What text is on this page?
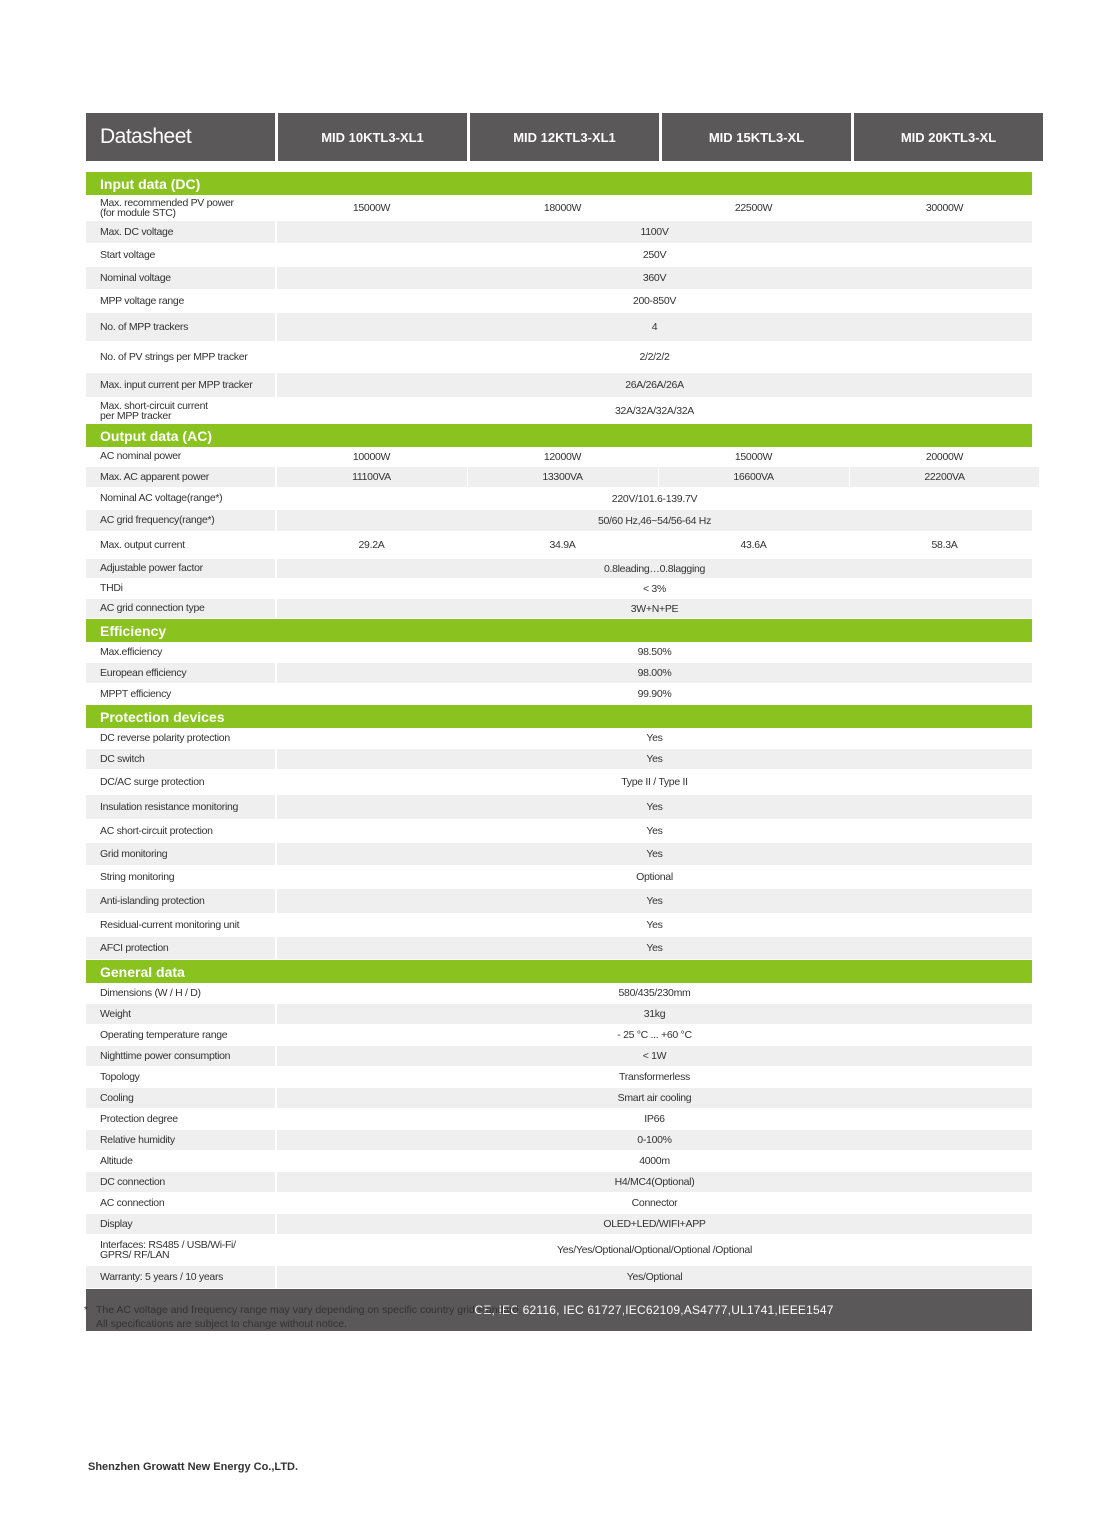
Datasheet	MID 10KTL3-XL1	MID 12KTL3-XL1	MID 15KTL3-XL	MID 20KTL3-XL
Input data (DC)
Max. recommended PV power
(for module STC)	15000W	18000W	22500W	30000W
Max. DC voltage	1100V
Start voltage	250V
Nominal voltage	360V
MPP voltage range	200-850V
No. of MPP trackers	4
No. of PV strings per MPP tracker	2/2/2/2
Max. input current per MPP tracker	26A/26A/26A
Max. short-circuit current
per MPP tracker	32A/32A/32A/32A
Output data (AC)
AC nominal power	10000W	12000W	15000W	20000W
Max. AC apparent power	11100VA	13300VA	16600VA	22200VA
Nominal AC voltage(range*)	220V/101.6-139.7V
AC grid frequency(range*)	50/60 Hz,46~54/56-64 Hz
Max. output current	29.2A	34.9A	43.6A	58.3A
Adjustable power factor	0.8leading…0.8lagging
THDi	< 3%
AC grid connection type	3W+N+PE
Efficiency
Max.efficiency	98.50%
European efficiency	98.00%
MPPT efficiency	99.90%
Protection devices
DC reverse polarity protection	Yes
DC switch	Yes
DC/AC surge protection	Type II / Type II
Insulation resistance monitoring	Yes
AC short-circuit protection	Yes
Grid monitoring	Yes
String monitoring	Optional
Anti-islanding protection	Yes
Residual-current monitoring unit	Yes
AFCI protection	Yes
General data
Dimensions (W / H / D)	580/435/230mm
Weight	31kg
Operating temperature range	- 25 °C ... +60 °C
Nighttime power consumption	< 1W
Topology	Transformerless
Cooling	Smart air cooling
Protection degree	IP66
Relative humidity	0-100%
Altitude	4000m
DC connection	H4/MC4(Optional)
AC connection	Connector
Display	OLED+LED/WIFI+APP
Interfaces: RS485 / USB/Wi-Fi/
GPRS/ RF/LAN	Yes/Yes/Optional/Optional/Optional /Optional
Warranty: 5 years / 10 years	Yes/Optional
CE, IEC 62116, IEC 61727,IEC62109,AS4777,UL1741,IEEE1547
* The AC voltage and frequency range may vary depending on specific country grid standard.
All specifications are subject to change without notice.
Shenzhen Growatt New Energy Co.,LTD.
